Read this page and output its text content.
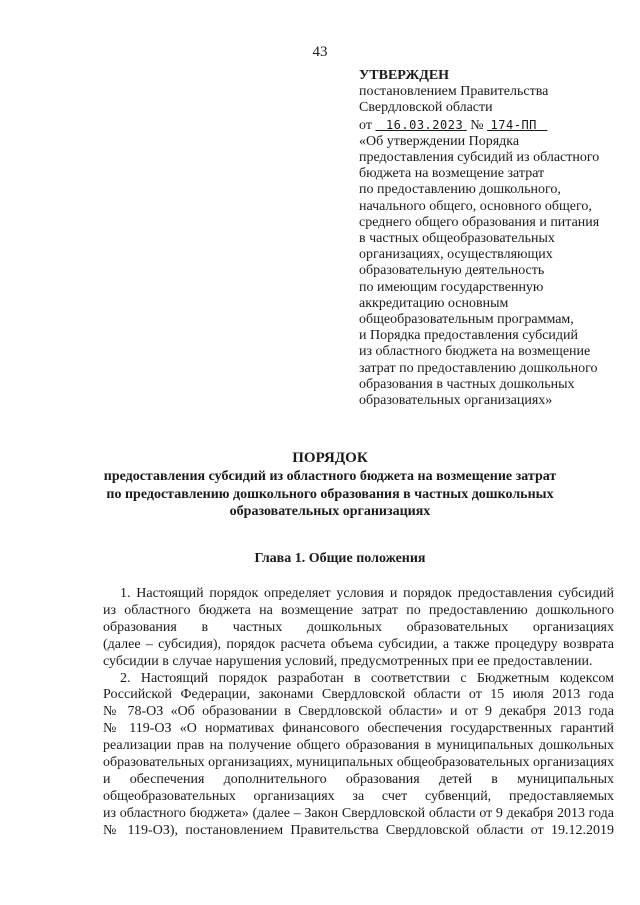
43
УТВЕРЖДЕН
постановлением Правительства
Свердловской области
от 16.03.2023 № 174-ПП
«Об утверждении Порядка
предоставления субсидий из областного
бюджета на возмещение затрат
по предоставлению дошкольного,
начального общего, основного общего,
среднего общего образования и питания
в частных общеобразовательных
организациях, осуществляющих
образовательную деятельность
по имеющим государственную
аккредитацию основным
общеобразовательным программам,
и Порядка предоставления субсидий
из областного бюджета на возмещение
затрат по предоставлению дошкольного
образования в частных дошкольных
образовательных организациях»
ПОРЯДОК
предоставления субсидий из областного бюджета на возмещение затрат
по предоставлению дошкольного образования в частных дошкольных
образовательных организациях
Глава 1. Общие положения
1. Настоящий порядок определяет условия и порядок предоставления субсидий
из областного бюджета на возмещение затрат по предоставлению дошкольного
образования в частных дошкольных образовательных организациях
(далее – субсидия), порядок расчета объема субсидии, а также процедуру возврата
субсидии в случае нарушения условий, предусмотренных при ее предоставлении.
2. Настоящий порядок разработан в соответствии с Бюджетным кодексом
Российской Федерации, законами Свердловской области от 15 июля 2013 года
№ 78-ОЗ «Об образовании в Свердловской области» и от 9 декабря 2013 года
№ 119-ОЗ «О нормативах финансового обеспечения государственных гарантий
реализации прав на получение общего образования в муниципальных дошкольных
образовательных организациях, муниципальных общеобразовательных организациях
и обеспечения дополнительного образования детей в муниципальных
общеобразовательных организациях за счет субвенций, предоставляемых
из областного бюджета» (далее – Закон Свердловской области от 9 декабря 2013 года
№ 119-ОЗ), постановлением Правительства Свердловской области от 19.12.2019
